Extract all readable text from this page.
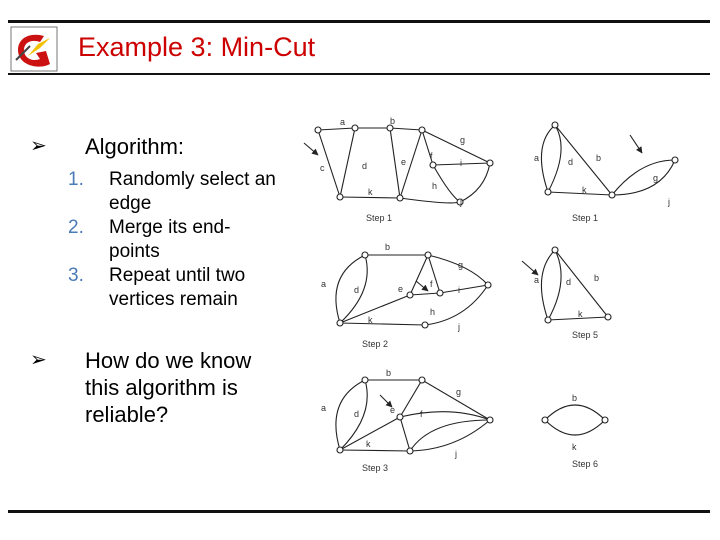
Example 3: Min-Cut
➢ Algorithm:
1. Randomly select an
edge
2. Merge its end-
points
3. Repeat until two
vertices remain
➢ How do we know
this algorithm is
reliable?
a	b
c	d	e
f
g
h
i
j
k
Step 1
a	d	b
g
k
j
Step 1
b
a
d	e	f
g
h
i
j
k
Step 2
a	d	b
k
Step 5
b
a
d	e	f
g
j
k
Step 3
b
k
Step 6
